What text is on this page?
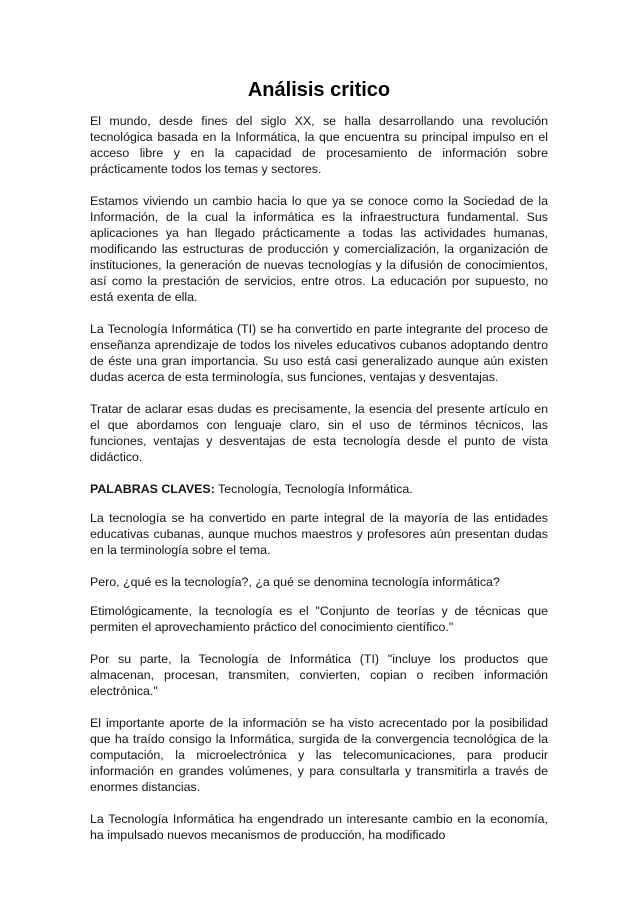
Análisis critico

El mundo, desde fines del siglo XX, se halla desarrollando una revolución tecnológica basada en la Informática, la que encuentra su principal impulso en el acceso libre y en la capacidad de procesamiento de información sobre prácticamente todos los temas y sectores.

Estamos viviendo un cambio hacia lo que ya se conoce como la Sociedad de la Información, de la cual la informática es la infraestructura fundamental. Sus aplicaciones ya han llegado prácticamente a todas las actividades humanas, modificando las estructuras de producción y comercialización, la organización de instituciones, la generación de nuevas tecnologías y la difusión de conocimientos, así como la prestación de servicios, entre otros. La educación por supuesto, no está exenta de ella.

La Tecnología Informática (TI) se ha convertido en parte integrante del proceso de enseñanza aprendizaje de todos los niveles educativos cubanos adoptando dentro de éste una gran importancia. Su uso está casi generalizado aunque aún existen dudas acerca de esta terminología, sus funciones, ventajas y desventajas.

Tratar de aclarar esas dudas es precisamente, la esencia del presente artículo en el que abordamos con lenguaje claro, sin el uso de términos técnicos, las funciones, ventajas y desventajas de esta tecnología desde el punto de vista didáctico.

PALABRAS CLAVES: Tecnología, Tecnología Informática.

La tecnología se ha convertido en parte integral de la mayoría de las entidades educativas cubanas, aunque muchos maestros y profesores aún presentan dudas en la terminología sobre el tema.

Pero, ¿qué es la tecnología?, ¿a qué se denomina tecnología informática?

Etimológicamente, la tecnología es el "Conjunto de teorías y de técnicas que permiten el aprovechamiento práctico del conocimiento científico."

Por su parte, la Tecnología de Informática (TI) "incluye los productos que almacenan, procesan, transmiten, convierten, copian o reciben información electrónica."

El importante aporte de la información se ha visto acrecentado por la posibilidad que ha traído consigo la Informática, surgida de la convergencia tecnológica de la computación, la microelectrónica y las telecomunicaciones, para producir información en grandes volúmenes, y para consultarla y transmitirla a través de enormes distancias.

La Tecnología Informática ha engendrado un interesante cambio en la economía, ha impulsado nuevos mecanismos de producción, ha modificado
